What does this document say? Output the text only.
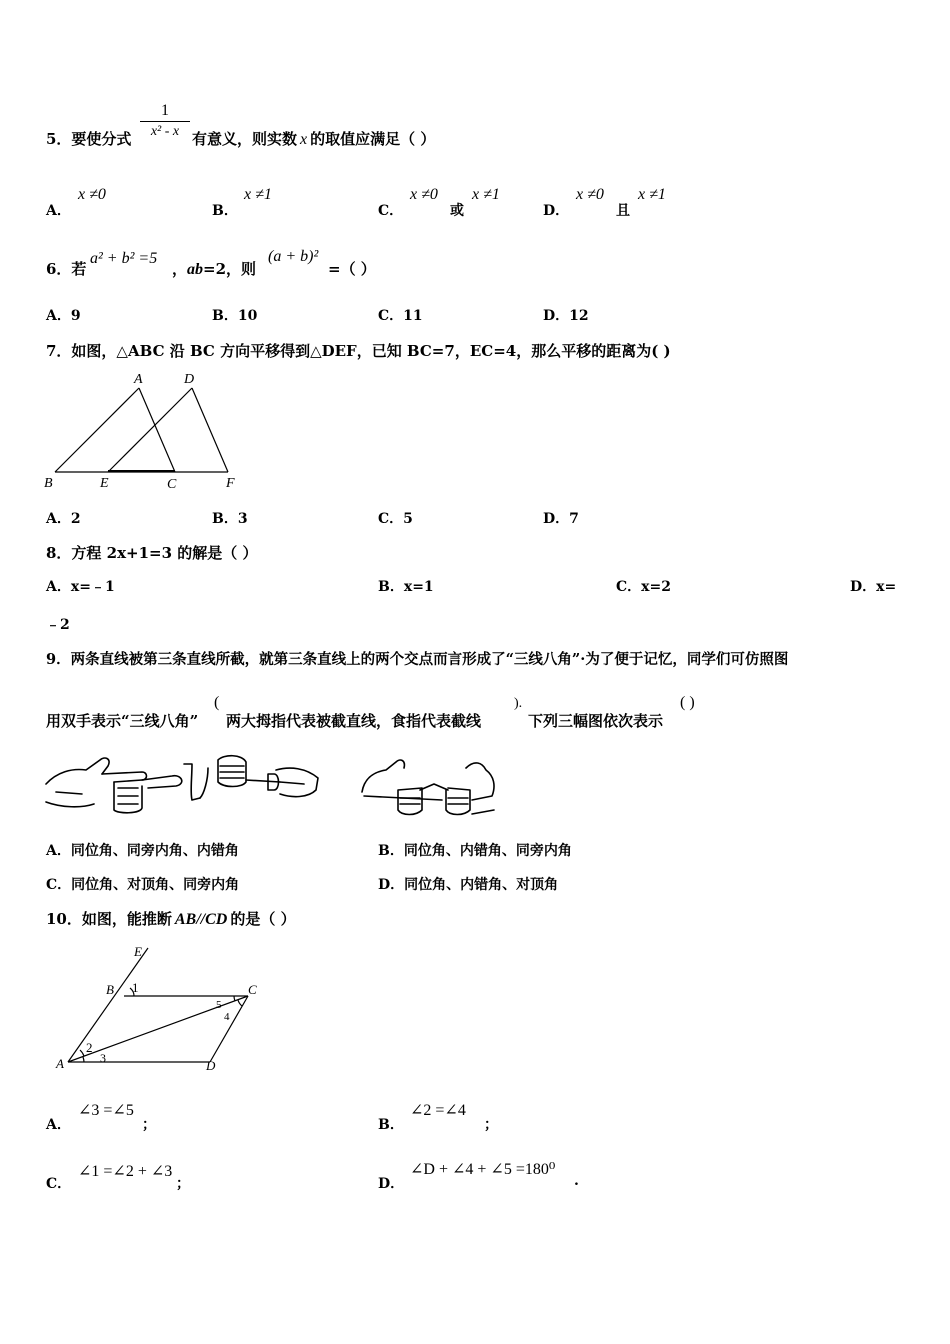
5．要使分式
1
x² - x 有意义，则实数 x 的取值应满足（ ）
A．
x ≠0
B．
x ≠1
C．
x ≠0
或
x ≠1
D．
x ≠0
且
x ≠1
6．若
a² + b² =5
，ab=2，则
(a + b)²
=（ ）
A．9	B．10	C．11	D．12
7．如图，△ABC 沿 BC 方向平移得到△DEF，已知 BC=7，EC=4，那么平移的距离为( )
A	D
B	E	C	F
A．2	B．3	C．5	D．7
8．方程 2x+1=3 的解是（ ）
A．x=﹣1	B．x=1	C．x=2	D．x=
﹣2
9．两条直线被第三条直线所截，就第三条直线上的两个交点而言形成了“三线八角”·为了便于记忆，同学们可仿照图
用双手表示“三线八角”
(
两大拇指代表被截直线，食指代表截线
).
下列三幅图依次表示
( )
A．同位角、同旁内角、内错角	B．同位角、内错角、同旁内角
C．同位角、对顶角、同旁内角	D．同位角、内错角、对顶角
10．如图，能推断 AB//CD 的是（ ）
E
B 1	C
5
4
2
A	3	D
A．
∠3 =∠5
；	B．
∠2 =∠4
；
C．
∠1 =∠2 + ∠3
；	D．
∠D + ∠4 + ∠5 =180⁰
.
